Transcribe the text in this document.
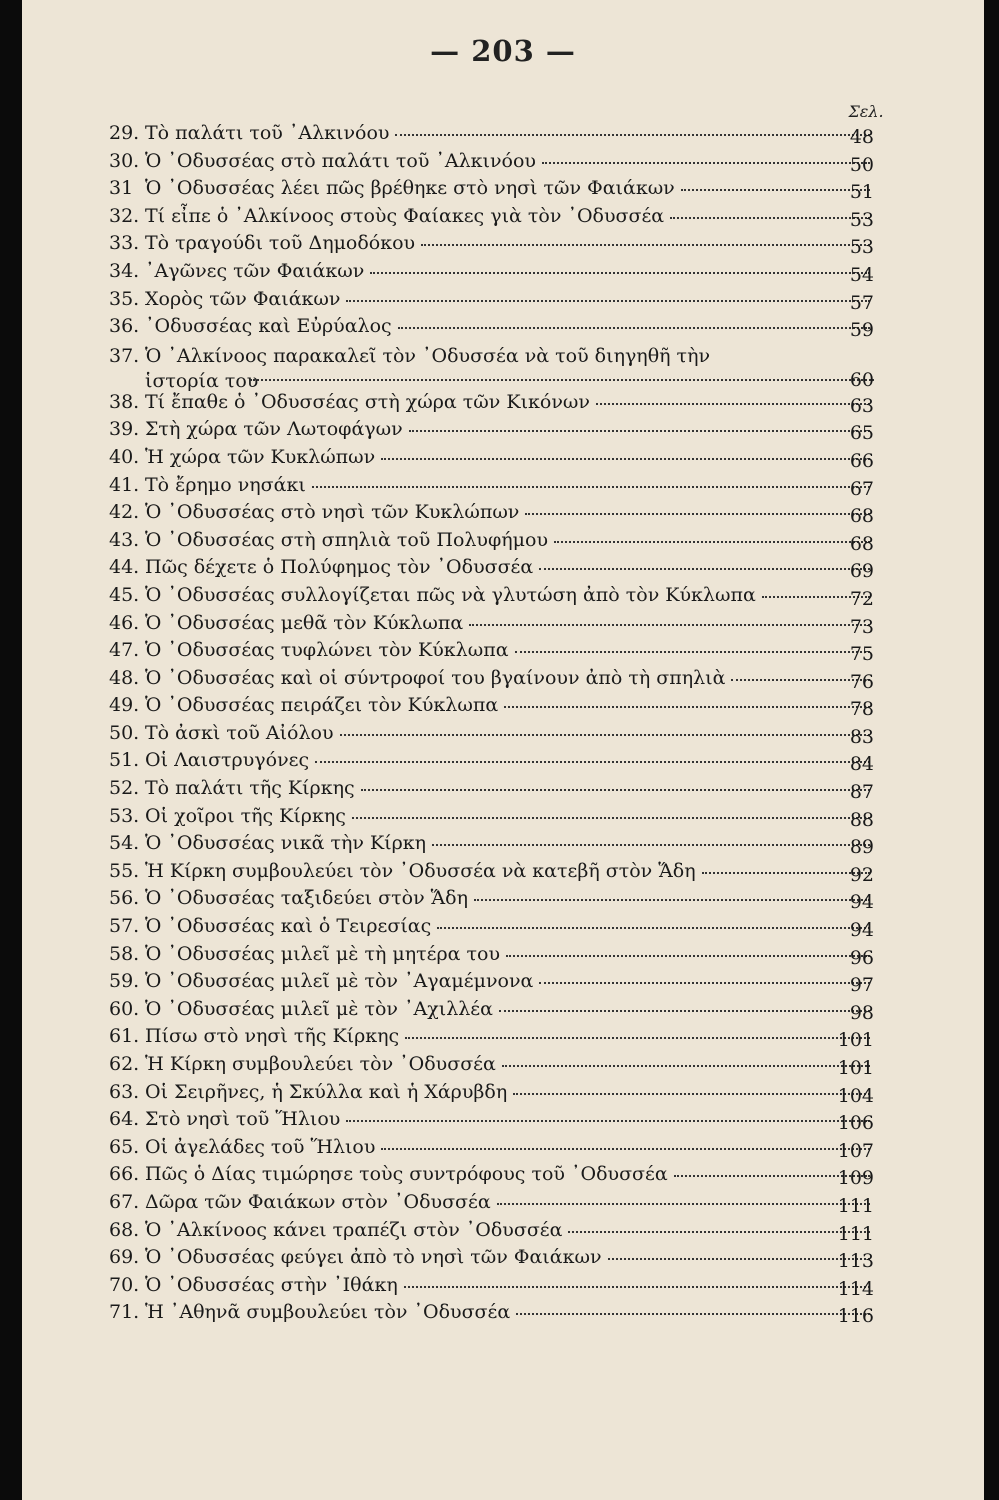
— 203 —
Σελ.
29. Τὸ παλάτι τοῦ ᾿Αλκινόου	48
30. Ὁ ᾿Οδυσσέας στὸ παλάτι τοῦ ᾿Αλκινόου	50
31 Ὁ ᾿Οδυσσέας λέει πῶς βρέθηκε στὸ νησὶ τῶν Φαιάκων	51
32. Τί εἶπε ὁ ᾿Αλκίνοος στοὺς Φαίακες γιὰ τὸν ᾿Οδυσσέα	53
33. Τὸ τραγούδι τοῦ Δημοδόκου	53
34. ᾿Αγῶνες τῶν Φαιάκων	54
35. Χορὸς τῶν Φαιάκων	57
36. ᾿Οδυσσέας καὶ Εὐρύαλος	59
37. Ὁ ᾿Αλκίνοος παρακαλεῖ τὸν ᾿Οδυσσέα νὰ τοῦ διηγηθῆ τὴν
ἱστορία του	60
38. Τί ἔπαθε ὁ ᾿Οδυσσέας στὴ χώρα τῶν Κικόνων	63
39. Στὴ χώρα τῶν Λωτοφάγων	65
40. Ἡ χώρα τῶν Κυκλώπων	66
41. Τὸ ἔρημο νησάκι	67
42. Ὁ ᾿Οδυσσέας στὸ νησὶ τῶν Κυκλώπων	68
43. Ὁ ᾿Οδυσσέας στὴ σπηλιὰ τοῦ Πολυφήμου	68
44. Πῶς δέχετε ὁ Πολύφημος τὸν ᾿Οδυσσέα	69
45. Ὁ ᾿Οδυσσέας συλλογίζεται πῶς νὰ γλυτώση ἀπὸ τὸν Κύκλωπα	72
46. Ὁ ᾿Οδυσσέας μεθᾶ τὸν Κύκλωπα	73
47. Ὁ ᾿Οδυσσέας τυφλώνει τὸν Κύκλωπα	75
48. Ὁ ᾿Οδυσσέας καὶ οἱ σύντροφοί του βγαίνουν ἀπὸ τὴ σπηλιὰ	76
49. Ὁ ᾿Οδυσσέας πειράζει τὸν Κύκλωπα	78
50. Τὸ ἀσκὶ τοῦ Αἰόλου	83
51. Οἱ Λαιστρυγόνες	84
52. Τὸ παλάτι τῆς Κίρκης	87
53. Οἱ χοῖροι τῆς Κίρκης	88
54. Ὁ ᾿Οδυσσέας νικᾶ τὴν Κίρκη	89
55. Ἡ Κίρκη συμβουλεύει τὸν ᾿Οδυσσέα νὰ κατεβῆ στὸν Ἅδη	92
56. Ὁ ᾿Οδυσσέας ταξιδεύει στὸν Ἅδη	94
57. Ὁ ᾿Οδυσσέας καὶ ὁ Τειρεσίας	94
58. Ὁ ᾿Οδυσσέας μιλεῖ μὲ τὴ μητέρα του	96
59. Ὁ ᾿Οδυσσέας μιλεῖ μὲ τὸν ᾿Αγαμέμνονα	97
60. Ὁ ᾿Οδυσσέας μιλεῖ μὲ τὸν ᾿Αχιλλέα	98
61. Πίσω στὸ νησὶ τῆς Κίρκης	101
62. Ἡ Κίρκη συμβουλεύει τὸν ᾿Οδυσσέα	101
63. Οἱ Σειρῆνες, ἡ Σκύλλα καὶ ἡ Χάρυβδη	104
64. Στὸ νησὶ τοῦ Ἥλιου	106
65. Οἱ ἀγελάδες τοῦ Ἥλιου	107
66. Πῶς ὁ Δίας τιμώρησε τοὺς συντρόφους τοῦ ᾿Οδυσσέα	109
67. Δῶρα τῶν Φαιάκων στὸν ᾿Οδυσσέα	111
68. Ὁ ᾿Αλκίνοος κάνει τραπέζι στὸν ᾿Οδυσσέα	111
69. Ὁ ᾿Οδυσσέας φεύγει ἀπὸ τὸ νησὶ τῶν Φαιάκων	113
70. Ὁ ᾿Οδυσσέας στὴν ᾿Ιθάκη	114
71. Ἡ ᾿Αθηνᾶ συμβουλεύει τὸν ᾿Οδυσσέα	116
